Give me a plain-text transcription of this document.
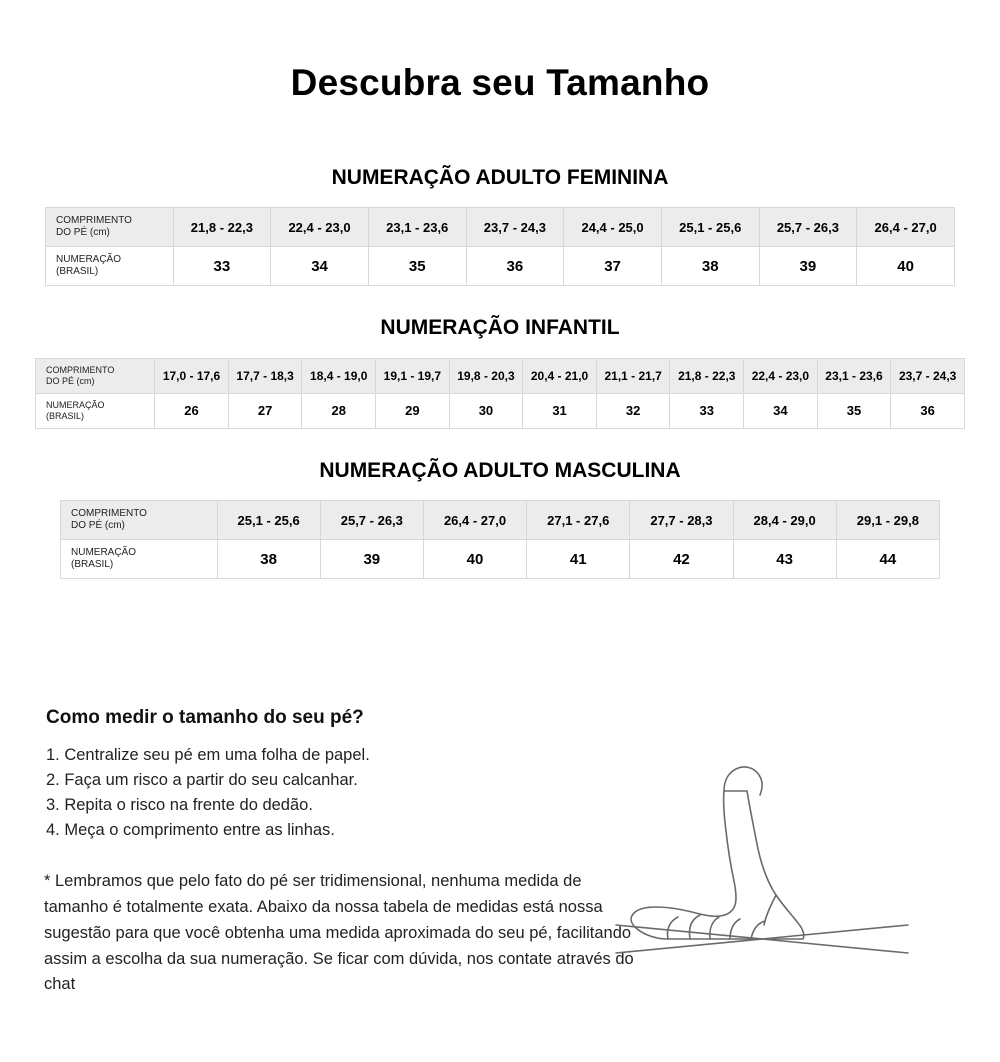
Descubra seu Tamanho
NUMERAÇÃO ADULTO FEMININA
COMPRIMENTO
DO PÉ (cm)	21,8 - 22,3	22,4 - 23,0	23,1 - 23,6	23,7 - 24,3	24,4 - 25,0	25,1 - 25,6	25,7 - 26,3	26,4 - 27,0
NUMERAÇÃO
(BRASIL)	33	34	35	36	37	38	39	40
NUMERAÇÃO INFANTIL
COMPRIMENTO
DO PÉ (cm)	17,0 - 17,6	17,7 - 18,3	18,4 - 19,0	19,1 - 19,7	19,8 - 20,3	20,4 - 21,0	21,1 - 21,7	21,8 - 22,3	22,4 - 23,0	23,1 - 23,6	23,7 - 24,3
NUMERAÇÃO
(BRASIL)	26	27	28	29	30	31	32	33	34	35	36
NUMERAÇÃO ADULTO MASCULINA
COMPRIMENTO
DO PÉ (cm)	25,1 - 25,6	25,7 - 26,3	26,4 - 27,0	27,1 - 27,6	27,7 - 28,3	28,4 - 29,0	29,1 - 29,8
NUMERAÇÃO
(BRASIL)	38	39	40	41	42	43	44
Como medir o tamanho do seu pé?
1. Centralize seu pé em uma folha de papel.
2. Faça um risco a partir do seu calcanhar.
3. Repita o risco na frente do dedão.
4. Meça o comprimento entre as linhas.

* Lembramos que pelo fato do pé ser tridimensional, nenhuma medida de tamanho é totalmente exata. Abaixo da nossa tabela de medidas está nossa sugestão para que você obtenha uma medida aproximada do seu pé, facilitando assim a escolha da sua numeração. Se ficar com dúvida, nos contate através do chat
